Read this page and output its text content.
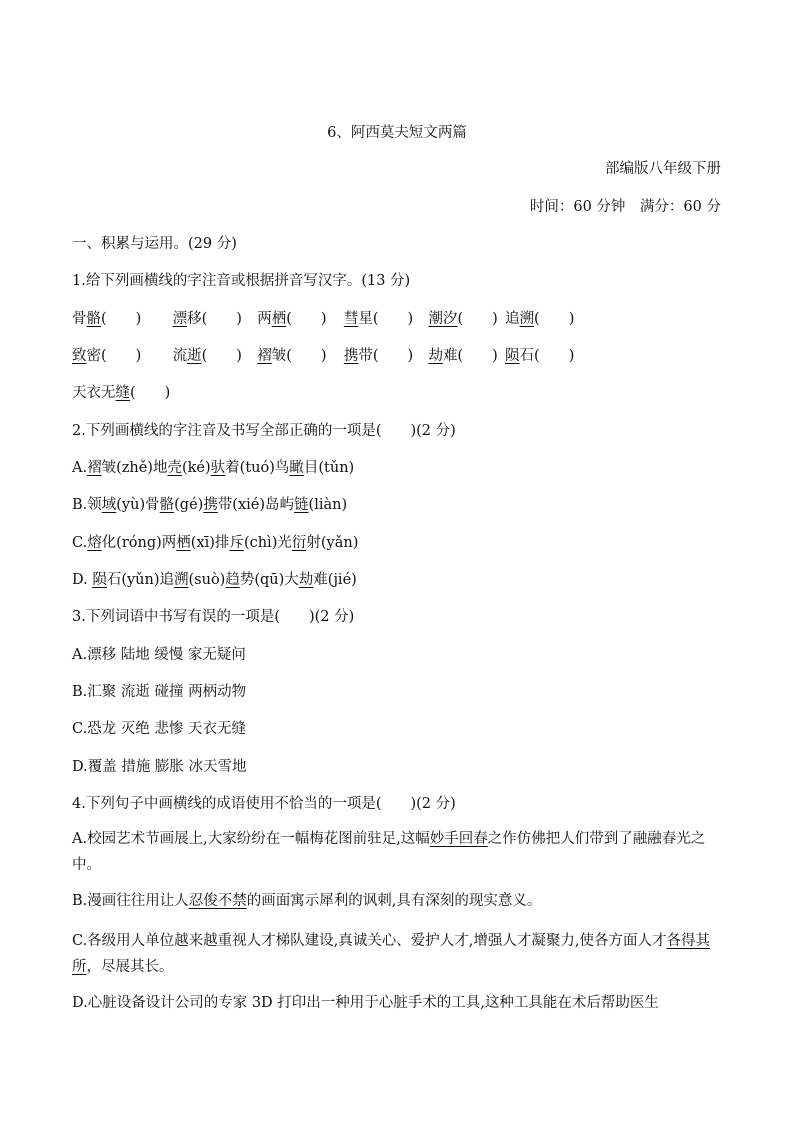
6、阿西莫夫短文两篇
部编版八年级下册
时间：60 分钟　满分：60 分
一、积累与运用。(29 分)
1.给下列画横线的字注音或根据拼音写汉字。(13 分)
骨骼(　　) 漂移(　　) 两栖(　　) 彗星(　　) 潮汐(　　) 追溯(　　)
致密(　　) 流逝(　　) 褶皱(　　) 携带(　　) 劫难(　　) 陨石(　　)
天衣无缝(　　)
2.下列画横线的字注音及书写全部正确的一项是(　　)(2 分)
A.褶皱(zhě)地壳(ké)驮着(tuó)鸟瞰目(tǔn)
B.领域(yù)骨骼(gé)携带(xié)岛屿链(liàn)
C.熔化(róng)两栖(xī)排斥(chì)光衍射(yǎn)
D. 陨石(yǔn)追溯(suò)趋势(qū)大劫难(jié)
3.下列词语中书写有误的一项是(　　)(2 分)
A.漂移 陆地 缓慢 家无疑问
B.汇聚 流逝 碰撞 两柄动物
C.恐龙 灭绝 悲惨 天衣无缝
D.覆盖 措施 膨胀 冰天雪地
4.下列句子中画横线的成语使用不恰当的一项是(　　)(2 分)
A.校园艺术节画展上,大家纷纷在一幅梅花图前驻足,这幅妙手回春之作仿佛把人们带到了融融春光之中。
B.漫画往往用让人忍俊不禁的画面寓示犀利的讽刺,具有深刻的现实意义。
C.各级用人单位越来越重视人才梯队建设,真诚关心、爱护人才,增强人才凝聚力,使各方面人才各得其所，尽展其长。
D.心脏设备设计公司的专家 3D 打印出一种用于心脏手术的工具,这种工具能在术后帮助医生
